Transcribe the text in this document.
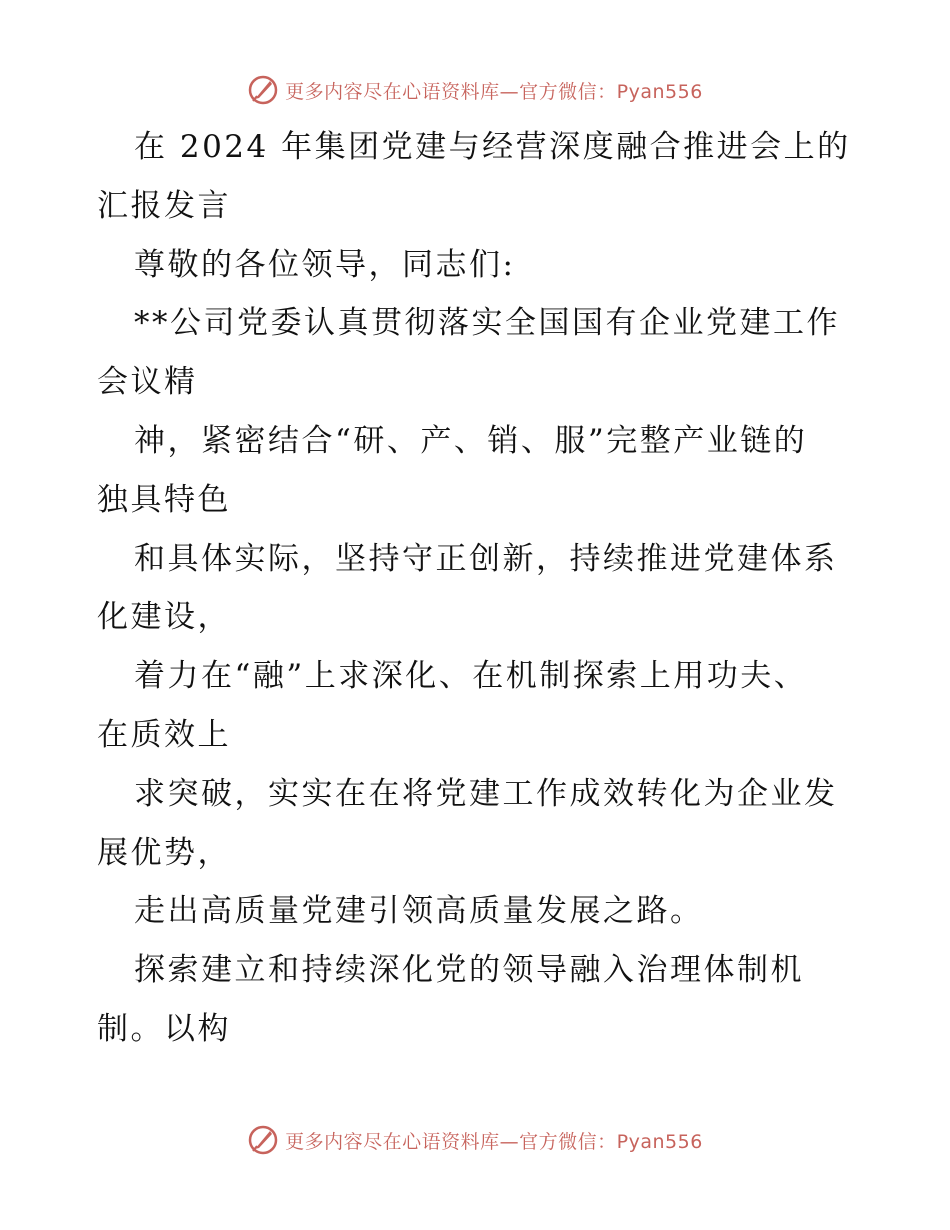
更多内容尽在心语资料库—官方微信：Pyan556
在 2024 年集团党建与经营深度融合推进会上的
汇报发言
尊敬的各位领导，同志们:
**公司党委认真贯彻落实全国国有企业党建工作
会议精
神，紧密结合“研、产、销、服”完整产业链的
独具特色
和具体实际，坚持守正创新，持续推进党建体系
化建设，
着力在“融”上求深化、在机制探索上用功夫、
在质效上
求突破，实实在在将党建工作成效转化为企业发
展优势，
走出高质量党建引领高质量发展之路。
探索建立和持续深化党的领导融入治理体制机
制。以构
更多内容尽在心语资料库—官方微信：Pyan556
